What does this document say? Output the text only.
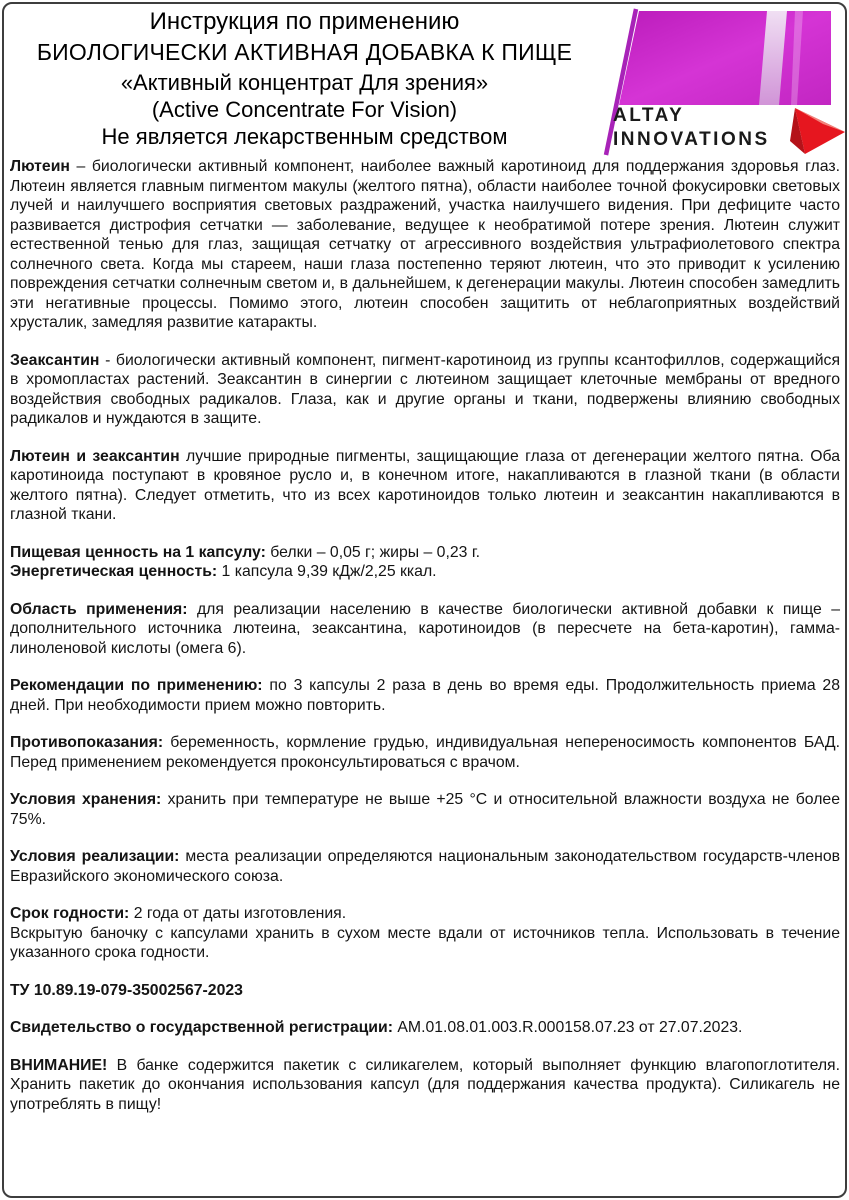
Инструкция по применению
БИОЛОГИЧЕСКИ АКТИВНАЯ ДОБАВКА К ПИЩЕ
«Активный концентрат Для зрения»
(Active Concentrate For Vision)
Не является лекарственным средством
ALTAY
INNOVATIONS
Лютеин – биологически активный компонент, наиболее важный каротиноид для поддержания здоровья глаз. Лютеин является главным пигментом макулы (желтого пятна), области наиболее точной фокусировки световых лучей и наилучшего восприятия световых раздражений, участка наилучшего видения. При дефиците часто развивается дистрофия сетчатки — заболевание, ведущее к необратимой потере зрения. Лютеин служит естественной тенью для глаз, защищая сетчатку от агрессивного воздействия ультрафиолетового спектра солнечного света. Когда мы стареем, наши глаза постепенно теряют лютеин, что это приводит к усилению повреждения сетчатки солнечным светом и, в дальнейшем, к дегенерации макулы. Лютеин способен замедлить эти негативные процессы. Помимо этого, лютеин способен защитить от неблагоприятных воздействий хрусталик, замедляя развитие катаракты.
Зеаксантин - биологически активный компонент, пигмент-каротиноид из группы ксантофиллов, содержащийся в хромопластах растений. Зеаксантин в синергии с лютеином защищает клеточные мембраны от вредного воздействия свободных радикалов. Глаза, как и другие органы и ткани, подвержены влиянию свободных радикалов и нуждаются в защите.
Лютеин и зеаксантин лучшие природные пигменты, защищающие глаза от дегенерации желтого пятна. Оба каротиноида поступают в кровяное русло и, в конечном итоге, накапливаются в глазной ткани (в области желтого пятна). Следует отметить, что из всех каротиноидов только лютеин и зеаксантин накапливаются в глазной ткани.
Пищевая ценность на 1 капсулу: белки – 0,05 г; жиры – 0,23 г.
Энергетическая ценность: 1 капсула 9,39 кДж/2,25 ккал.
Область применения: для реализации населению в качестве биологически активной добавки к пище – дополнительного источника лютеина, зеаксантина, каротиноидов (в пересчете на бета-каротин), гамма-линоленовой кислоты (омега 6).
Рекомендации по применению: по 3 капсулы 2 раза в день во время еды. Продолжительность приема 28 дней. При необходимости прием можно повторить.
Противопоказания: беременность, кормление грудью, индивидуальная непереносимость компонентов БАД. Перед применением рекомендуется проконсультироваться с врачом.
Условия хранения: хранить при температуре не выше +25 °С и относительной влажности воздуха не более 75%.
Условия реализации: места реализации определяются национальным законодательством государств-членов Евразийского экономического союза.
Срок годности: 2 года от даты изготовления.
Вскрытую баночку с капсулами хранить в сухом месте вдали от источников тепла. Использовать в течение указанного срока годности.
ТУ 10.89.19-079-35002567-2023
Свидетельство о государственной регистрации: АМ.01.08.01.003.R.000158.07.23 от 27.07.2023.
ВНИМАНИЕ! В банке содержится пакетик с силикагелем, который выполняет функцию влагопоглотителя. Хранить пакетик до окончания использования капсул (для поддержания качества продукта). Силикагель не употреблять в пищу!
